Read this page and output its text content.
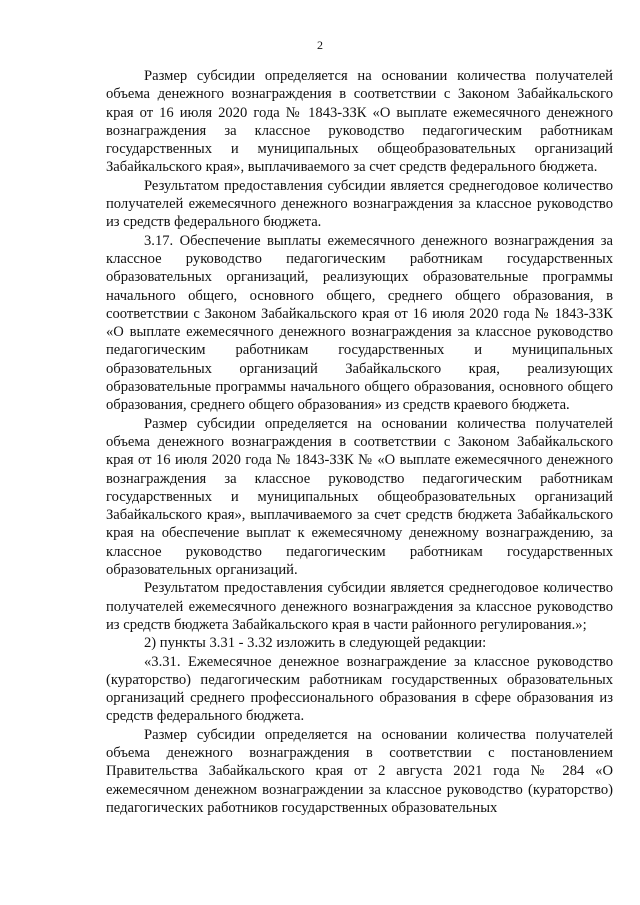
2

Размер субсидии определяется на основании количества получателей объема денежного вознаграждения в соответствии с Законом Забайкальского края от 16 июля 2020 года № 1843-ЗЗК «О выплате ежемесячного денежного вознаграждения за классное руководство педагогическим работникам государственных и муниципальных общеобразовательных организаций Забайкальского края», выплачиваемого за счет средств федерального бюджета.

Результатом предоставления субсидии является среднегодовое количество получателей ежемесячного денежного вознаграждения за классное руководство из средств федерального бюджета.

3.17. Обеспечение выплаты ежемесячного денежного вознаграждения за классное руководство педагогическим работникам государственных образовательных организаций, реализующих образовательные программы начального общего, основного общего, среднего общего образования, в соответствии с Законом Забайкальского края от 16 июля 2020 года № 1843-ЗЗК «О выплате ежемесячного денежного вознаграждения за классное руководство педагогическим работникам государственных и муниципальных образовательных организаций Забайкальского края, реализующих образовательные программы начального общего образования, основного общего образования, среднего общего образования» из средств краевого бюджета.

Размер субсидии определяется на основании количества получателей объема денежного вознаграждения в соответствии с Законом Забайкальского края от 16 июля 2020 года № 1843-ЗЗК № «О выплате ежемесячного денежного вознаграждения за классное руководство педагогическим работникам государственных и муниципальных общеобразовательных организаций Забайкальского края», выплачиваемого за счет средств бюджета Забайкальского края на обеспечение выплат к ежемесячному денежному вознаграждению, за классное руководство педагогическим работникам государственных образовательных организаций.

Результатом предоставления субсидии является среднегодовое количество получателей ежемесячного денежного вознаграждения за классное руководство из средств бюджета Забайкальского края в части районного регулирования.»;

2) пункты 3.31 - 3.32 изложить в следующей редакции:

«3.31. Ежемесячное денежное вознаграждение за классное руководство (кураторство) педагогическим работникам государственных образовательных организаций среднего профессионального образования в сфере образования из средств федерального бюджета.

Размер субсидии определяется на основании количества получателей объема денежного вознаграждения в соответствии с постановлением Правительства Забайкальского края от 2 августа 2021 года № 284 «О ежемесячном денежном вознаграждении за классное руководство (кураторство) педагогических работников государственных образовательных
